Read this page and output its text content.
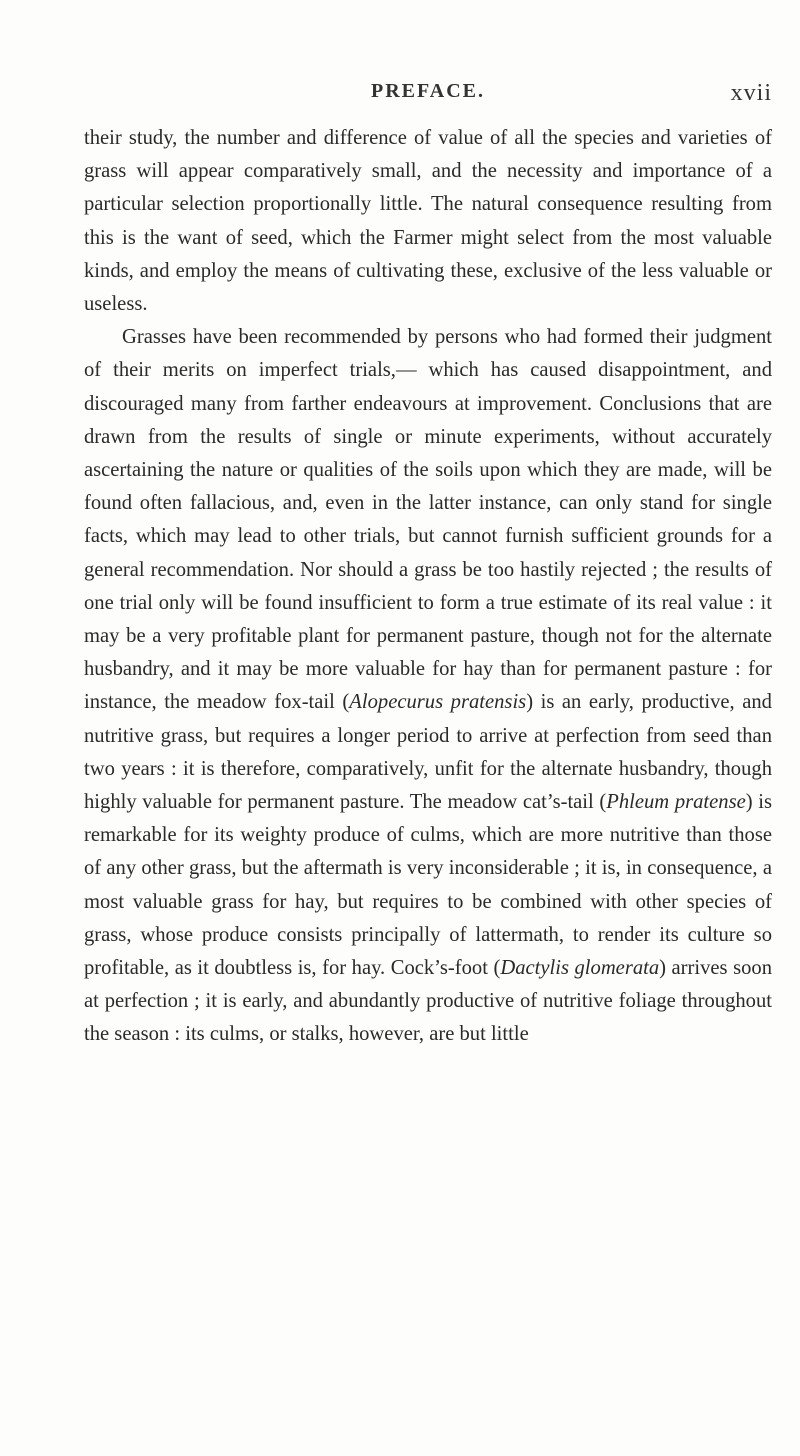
PREFACE.	xvii

their study, the number and difference of value of all the species and varieties of grass will appear comparatively small, and the necessity and importance of a particular selection proportionally little. The natural consequence resulting from this is the want of seed, which the Farmer might select from the most valuable kinds, and employ the means of cultivating these, exclusive of the less valuable or useless.

Grasses have been recommended by persons who had formed their judgment of their merits on imperfect trials,— which has caused disappointment, and discouraged many from farther endeavours at improvement. Conclusions that are drawn from the results of single or minute experiments, without accurately ascertaining the nature or qualities of the soils upon which they are made, will be found often fallacious, and, even in the latter instance, can only stand for single facts, which may lead to other trials, but cannot furnish sufficient grounds for a general recommendation. Nor should a grass be too hastily rejected ; the results of one trial only will be found insufficient to form a true estimate of its real value : it may be a very profitable plant for permanent pasture, though not for the alternate husbandry, and it may be more valuable for hay than for permanent pasture : for instance, the meadow fox-tail (Alopecurus pratensis) is an early, productive, and nutritive grass, but requires a longer period to arrive at perfection from seed than two years : it is therefore, comparatively, unfit for the alternate husbandry, though highly valuable for permanent pasture. The meadow cat’s-tail (Phleum pratense) is remarkable for its weighty produce of culms, which are more nutritive than those of any other grass, but the aftermath is very inconsiderable ; it is, in consequence, a most valuable grass for hay, but requires to be combined with other species of grass, whose produce consists principally of lattermath, to render its culture so profitable, as it doubtless is, for hay. Cock’s-foot (Dactylis glomerata) arrives soon at perfection ; it is early, and abundantly productive of nutritive foliage throughout the season : its culms, or stalks, however, are but little
